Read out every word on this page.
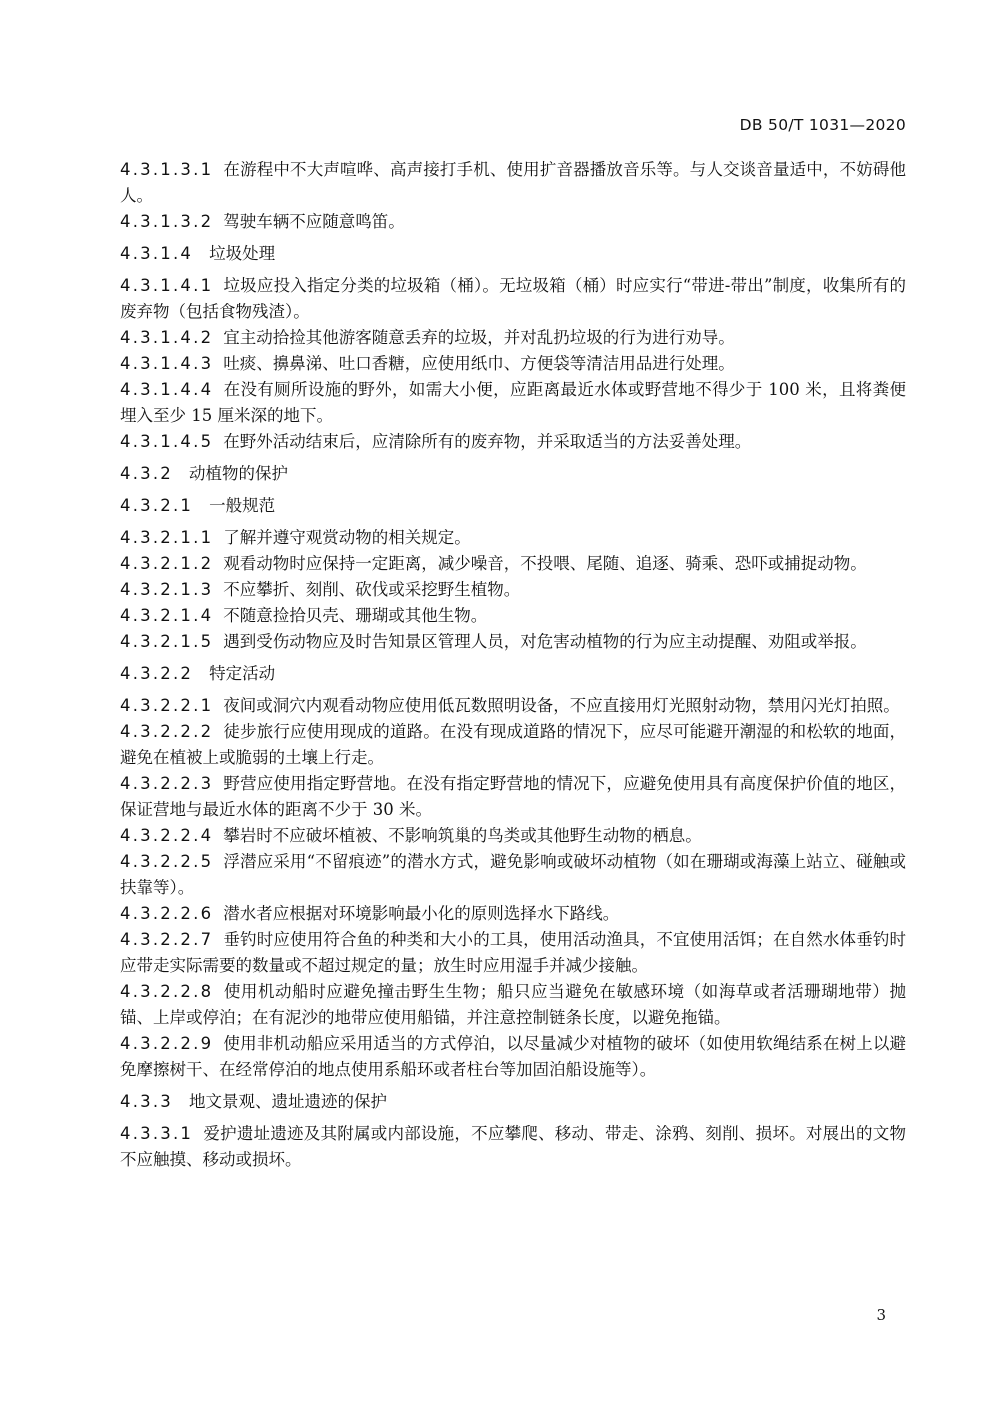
DB 50/T 1031—2020
4.3.1.3.1 在游程中不大声喧哗、高声接打手机、使用扩音器播放音乐等。与人交谈音量适中，不妨碍他人。
4.3.1.3.2 驾驶车辆不应随意鸣笛。
4.3.1.4 垃圾处理
4.3.1.4.1 垃圾应投入指定分类的垃圾箱（桶）。无垃圾箱（桶）时应实行“带进-带出”制度，收集所有的废弃物（包括食物残渣）。
4.3.1.4.2 宜主动拾捡其他游客随意丢弃的垃圾，并对乱扔垃圾的行为进行劝导。
4.3.1.4.3 吐痰、擤鼻涕、吐口香糖，应使用纸巾、方便袋等清洁用品进行处理。
4.3.1.4.4 在没有厕所设施的野外，如需大小便，应距离最近水体或野营地不得少于 100 米，且将粪便埋入至少 15 厘米深的地下。
4.3.1.4.5 在野外活动结束后，应清除所有的废弃物，并采取适当的方法妥善处理。
4.3.2 动植物的保护
4.3.2.1 一般规范
4.3.2.1.1 了解并遵守观赏动物的相关规定。
4.3.2.1.2 观看动物时应保持一定距离，减少噪音，不投喂、尾随、追逐、骑乘、恐吓或捕捉动物。
4.3.2.1.3 不应攀折、刻削、砍伐或采挖野生植物。
4.3.2.1.4 不随意捡拾贝壳、珊瑚或其他生物。
4.3.2.1.5 遇到受伤动物应及时告知景区管理人员，对危害动植物的行为应主动提醒、劝阻或举报。
4.3.2.2 特定活动
4.3.2.2.1 夜间或洞穴内观看动物应使用低瓦数照明设备，不应直接用灯光照射动物，禁用闪光灯拍照。
4.3.2.2.2 徒步旅行应使用现成的道路。在没有现成道路的情况下，应尽可能避开潮湿的和松软的地面，避免在植被上或脆弱的土壤上行走。
4.3.2.2.3 野营应使用指定野营地。在没有指定野营地的情况下，应避免使用具有高度保护价值的地区，保证营地与最近水体的距离不少于 30 米。
4.3.2.2.4 攀岩时不应破坏植被、不影响筑巢的鸟类或其他野生动物的栖息。
4.3.2.2.5 浮潜应采用“不留痕迹”的潜水方式，避免影响或破坏动植物（如在珊瑚或海藻上站立、碰触或扶靠等）。
4.3.2.2.6 潜水者应根据对环境影响最小化的原则选择水下路线。
4.3.2.2.7 垂钓时应使用符合鱼的种类和大小的工具，使用活动渔具，不宜使用活饵；在自然水体垂钓时应带走实际需要的数量或不超过规定的量；放生时应用湿手并减少接触。
4.3.2.2.8 使用机动船时应避免撞击野生生物；船只应当避免在敏感环境（如海草或者活珊瑚地带）抛锚、上岸或停泊；在有泥沙的地带应使用船锚，并注意控制链条长度，以避免拖锚。
4.3.2.2.9 使用非机动船应采用适当的方式停泊，以尽量减少对植物的破坏（如使用软绳结系在树上以避免摩擦树干、在经常停泊的地点使用系船环或者柱台等加固泊船设施等）。
4.3.3 地文景观、遗址遗迹的保护
4.3.3.1 爱护遗址遗迹及其附属或内部设施，不应攀爬、移动、带走、涂鸦、刻削、损坏。对展出的文物不应触摸、移动或损坏。
3
